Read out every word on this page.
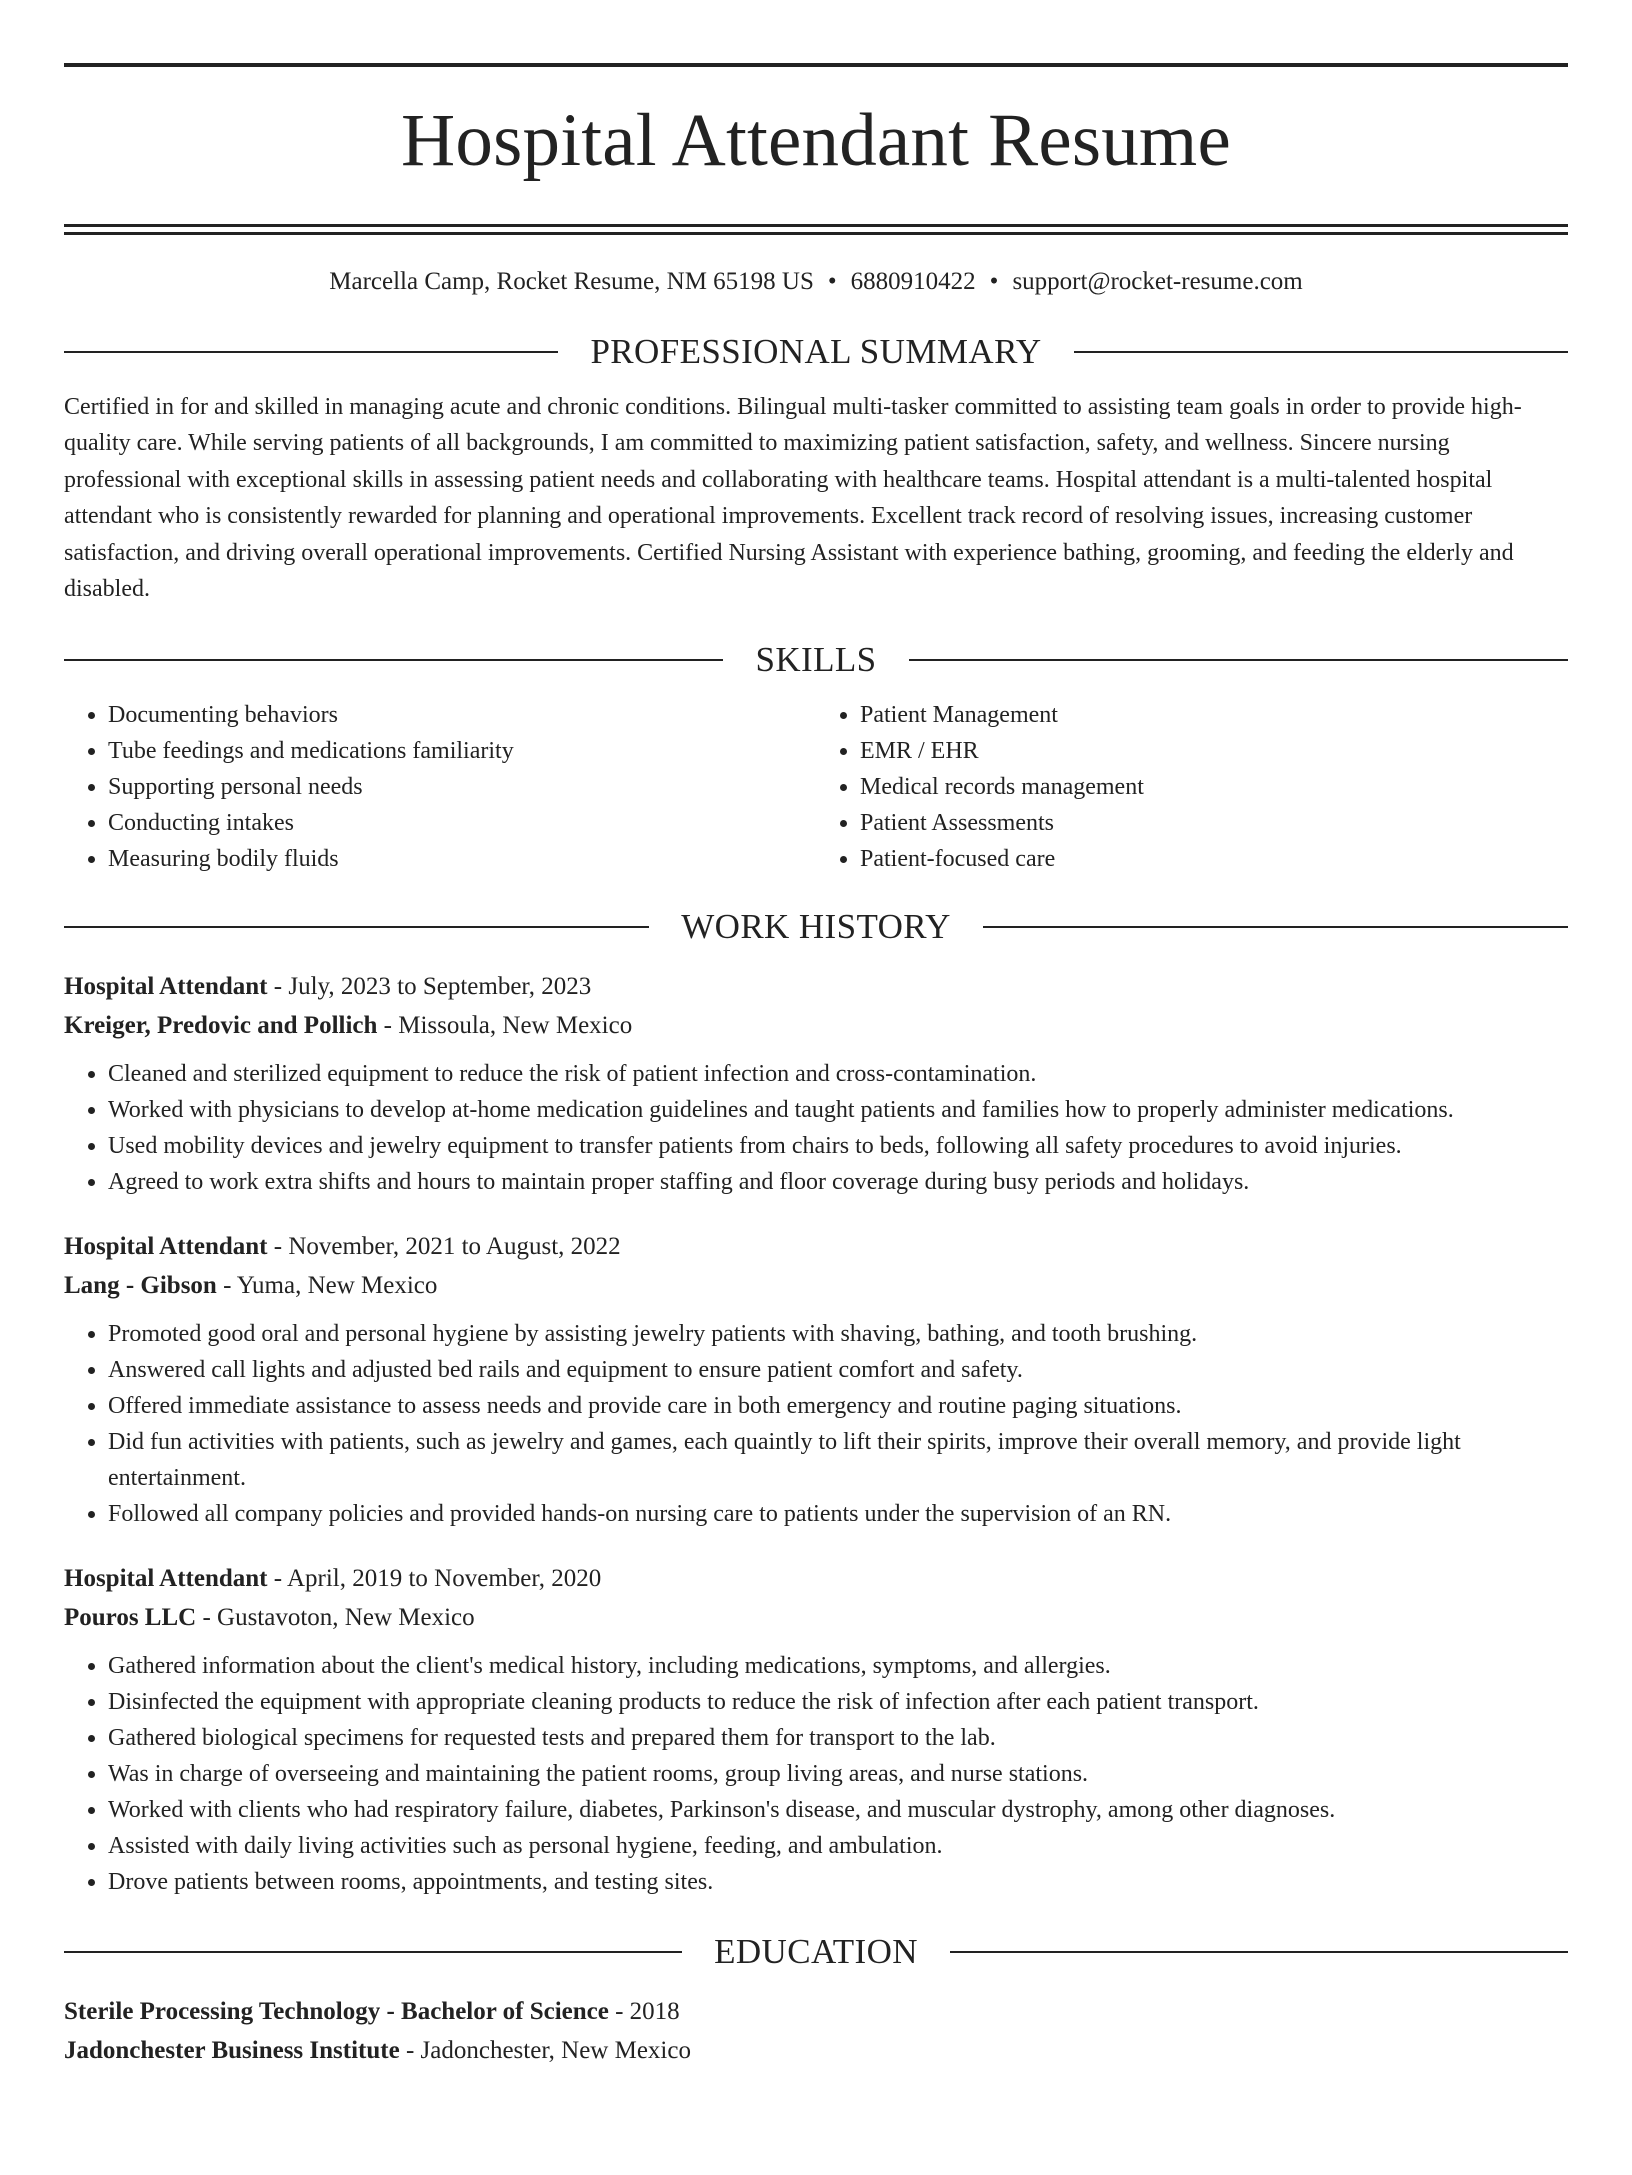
Hospital Attendant Resume
Marcella Camp, Rocket Resume, NM 65198 US • 6880910422 • support@rocket-resume.com
PROFESSIONAL SUMMARY

Certified in for and skilled in managing acute and chronic conditions. Bilingual multi-tasker committed to assisting team goals in order to provide high-quality care. While serving patients of all backgrounds, I am committed to maximizing patient satisfaction, safety, and wellness. Sincere nursing professional with exceptional skills in assessing patient needs and collaborating with healthcare teams. Hospital attendant is a multi-talented hospital attendant who is consistently rewarded for planning and operational improvements. Excellent track record of resolving issues, increasing customer satisfaction, and driving overall operational improvements. Certified Nursing Assistant with experience bathing, grooming, and feeding the elderly and disabled.

SKILLS
• Documenting behaviors
• Tube feedings and medications familiarity
• Supporting personal needs
• Conducting intakes
• Measuring bodily fluids
• Patient Management
• EMR / EHR
• Medical records management
• Patient Assessments
• Patient-focused care
WORK HISTORY
Hospital Attendant - July, 2023 to September, 2023
Kreiger, Predovic and Pollich - Missoula, New Mexico
• Cleaned and sterilized equipment to reduce the risk of patient infection and cross-contamination.
• Worked with physicians to develop at-home medication guidelines and taught patients and families how to properly administer medications.
• Used mobility devices and jewelry equipment to transfer patients from chairs to beds, following all safety procedures to avoid injuries.
• Agreed to work extra shifts and hours to maintain proper staffing and floor coverage during busy periods and holidays.
Hospital Attendant - November, 2021 to August, 2022
Lang - Gibson - Yuma, New Mexico
• Promoted good oral and personal hygiene by assisting jewelry patients with shaving, bathing, and tooth brushing.
• Answered call lights and adjusted bed rails and equipment to ensure patient comfort and safety.
• Offered immediate assistance to assess needs and provide care in both emergency and routine paging situations.
• Did fun activities with patients, such as jewelry and games, each quaintly to lift their spirits, improve their overall memory, and provide light entertainment.
• Followed all company policies and provided hands-on nursing care to patients under the supervision of an RN.
Hospital Attendant - April, 2019 to November, 2020
Pouros LLC - Gustavoton, New Mexico
• Gathered information about the client's medical history, including medications, symptoms, and allergies.
• Disinfected the equipment with appropriate cleaning products to reduce the risk of infection after each patient transport.
• Gathered biological specimens for requested tests and prepared them for transport to the lab.
• Was in charge of overseeing and maintaining the patient rooms, group living areas, and nurse stations.
• Worked with clients who had respiratory failure, diabetes, Parkinson's disease, and muscular dystrophy, among other diagnoses.
• Assisted with daily living activities such as personal hygiene, feeding, and ambulation.
• Drove patients between rooms, appointments, and testing sites.
EDUCATION
Sterile Processing Technology - Bachelor of Science - 2018
Jadonchester Business Institute - Jadonchester, New Mexico
